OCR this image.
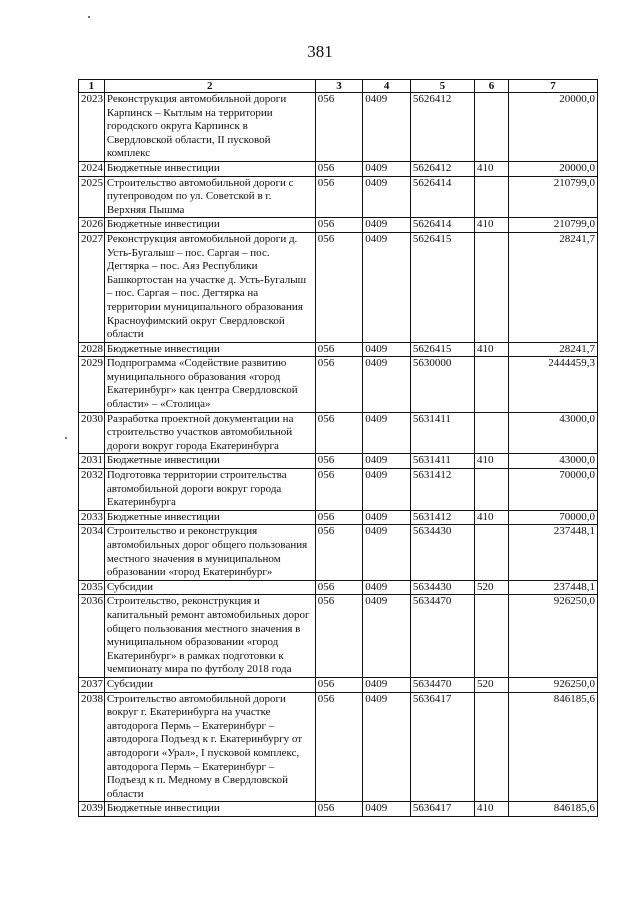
381
1	2	3	4	5	6	7
2023	Реконструкция автомобильной дороги Карпинск – Кытлым на территории городского округа Карпинск в Свердловской области, II пусковой комплекс	056	0409	5626412		20000,0
2024	Бюджетные инвестиции	056	0409	5626412	410	20000,0
2025	Строительство автомобильной дороги с путепроводом по ул. Советской в г. Верхняя Пышма	056	0409	5626414		210799,0
2026	Бюджетные инвестиции	056	0409	5626414	410	210799,0
2027	Реконструкция автомобильной дороги д. Усть-Бугалыш – пос. Саргая – пос. Дегтярка – пос. Аяз Республики Башкортостан на участке д. Усть-Бугалыш – пос. Саргая – пос. Дегтярка на территории муниципального образования Красноуфимский округ Свердловской области	056	0409	5626415		28241,7
2028	Бюджетные инвестиции	056	0409	5626415	410	28241,7
2029	Подпрограмма «Содействие развитию муниципального образования «город Екатеринбург» как центра Свердловской области» – «Столица»	056	0409	5630000		2444459,3
2030	Разработка проектной документации на строительство участков автомобильной дороги вокруг города Екатеринбурга	056	0409	5631411		43000,0
2031	Бюджетные инвестиции	056	0409	5631411	410	43000,0
2032	Подготовка территории строительства автомобильной дороги вокруг города Екатеринбурга	056	0409	5631412		70000,0
2033	Бюджетные инвестиции	056	0409	5631412	410	70000,0
2034	Строительство и реконструкция автомобильных дорог общего пользования местного значения в муниципальном образовании «город Екатеринбург»	056	0409	5634430		237448,1
2035	Субсидии	056	0409	5634430	520	237448,1
2036	Строительство, реконструкция и капитальный ремонт автомобильных дорог общего пользования местного значения в муниципальном образовании «город Екатеринбург» в рамках подготовки к чемпионату мира по футболу 2018 года	056	0409	5634470		926250,0
2037	Субсидии	056	0409	5634470	520	926250,0
2038	Строительство автомобильной дороги вокруг г. Екатеринбурга на участке автодорога Пермь – Екатеринбург – автодорога Подъезд к г. Екатеринбургу от автодороги «Урал», I пусковой комплекс, автодорога Пермь – Екатеринбург – Подъезд к п. Медному в Свердловской области	056	0409	5636417		846185,6
2039	Бюджетные инвестиции	056	0409	5636417	410	846185,6
